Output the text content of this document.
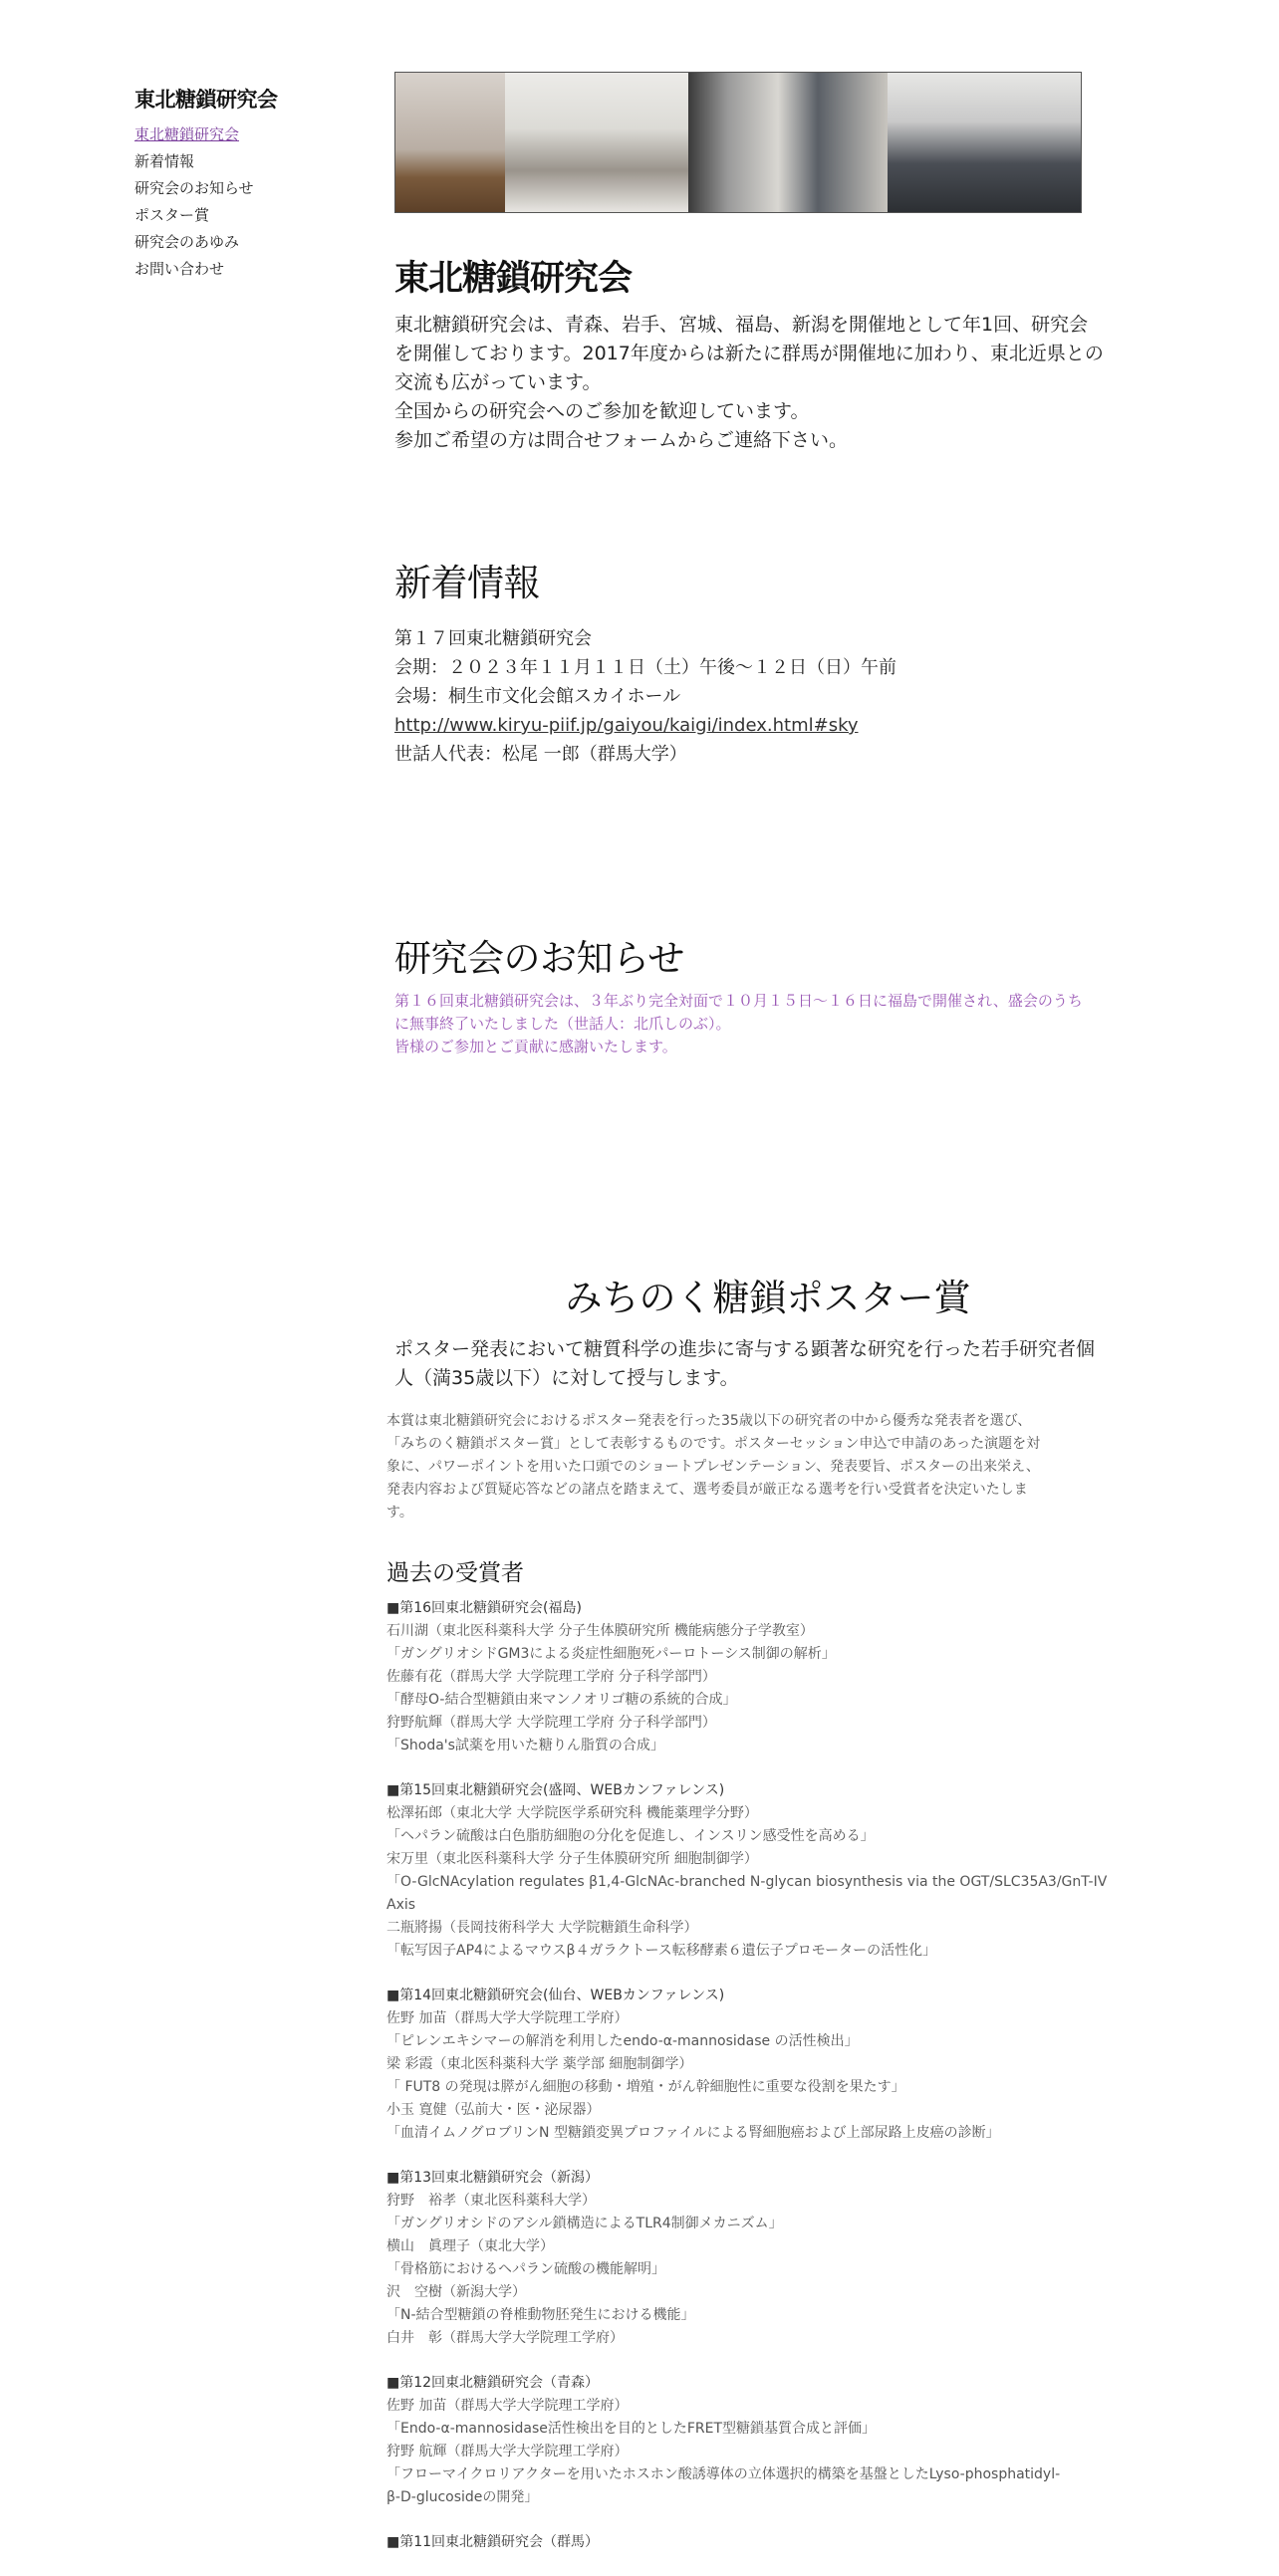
東北糖鎖研究会
東北糖鎖研究会
新着情報
研究会のお知らせ
ポスター賞
研究会のあゆみ
お問い合わせ	東北糖鎖研究会

東北糖鎖研究会は、青森、岩手、宮城、福島、新潟を開催地として年1回、研究会

を開催しております。2017年度からは新たに群馬が開催地に加わり、東北近県との

交流も広がっています。

全国からの研究会へのご参加を歓迎しています。

参加ご希望の方は問合せフォームからご連絡下さい。

新着情報

第１７回東北糖鎖研究会

会期：２０２３年１１月１１日（土）午後〜１２日（日）午前

会場：桐生市文化会館スカイホール

http://www.kiryu-piif.jp/gaiyou/kaigi/index.html#sky

世話人代表：松尾 一郎（群馬大学）

研究会のお知らせ

第１６回東北糖鎖研究会は、３年ぶり完全対面で１０月１５日〜１６日に福島で開催され、盛会のうち

に無事終了いたしました（世話人：北爪しのぶ）。

皆様のご参加とご貢献に感謝いたします。

みちのく糖鎖ポスター賞

ポスター発表において糖質科学の進歩に寄与する顕著な研究を行った若手研究者個

人（満35歳以下）に対して授与します。

本賞は東北糖鎖研究会におけるポスター発表を行った35歳以下の研究者の中から優秀な発表者を選び、

「みちのく糖鎖ポスター賞」として表彰するものです。ポスターセッション申込で申請のあった演題を対

象に、パワーポイントを用いた口頭でのショートプレゼンテーション、発表要旨、ポスターの出来栄え、

発表内容および質疑応答などの諸点を踏まえて、選考委員が厳正なる選考を行い受賞者を決定いたしま

す。

過去の受賞者
■第16回東北糖鎖研究会(福島)
石川湖（東北医科薬科大学 分子生体膜研究所 機能病態分子学教室）
「ガングリオシドGM3による炎症性細胞死パーロトーシス制御の解析」
佐藤有花（群馬大学 大学院理工学府 分子科学部門）
「酵母O-結合型糖鎖由来マンノオリゴ糖の系統的合成」
狩野航輝（群馬大学 大学院理工学府 分子科学部門）
「Shoda's試薬を用いた糖りん脂質の合成」
■第15回東北糖鎖研究会(盛岡、WEBカンファレンス)
松澤拓郎（東北大学 大学院医学系研究科 機能薬理学分野）
「ヘパラン硫酸は白色脂肪細胞の分化を促進し、インスリン感受性を高める」
宋万里（東北医科薬科大学 分子生体膜研究所 細胞制御学）
「O-GlcNAcylation regulates β1,4-GlcNAc-branched N-glycan biosynthesis via the OGT/SLC35A3/GnT-IV
Axis
二瓶將揚（長岡技術科学大 大学院糖鎖生命科学）
「転写因子AP4によるマウスβ４ガラクトース転移酵素６遺伝子プロモーターの活性化」
■第14回東北糖鎖研究会(仙台、WEBカンファレンス)
佐野 加苗（群馬大学大学院理工学府）
「ピレンエキシマーの解消を利用したendo-α-mannosidase の活性検出」
梁 彩霞（東北医科薬科大学 薬学部 細胞制御学）
「 FUT8 の発現は膵がん細胞の移動・増殖・がん幹細胞性に重要な役割を果たす」
小玉 寛健（弘前大・医・泌尿器）
「血清イムノグロブリンN 型糖鎖変異プロファイルによる腎細胞癌および上部尿路上皮癌の診断」
■第13回東北糖鎖研究会（新潟）
狩野　裕孝（東北医科薬科大学）
「ガングリオシドのアシル鎖構造によるTLR4制御メカニズム」
横山　眞理子（東北大学）
「骨格筋におけるヘパラン硫酸の機能解明」
沢　空樹（新潟大学）
「N-結合型糖鎖の脊椎動物胚発生における機能」
白井　彰（群馬大学大学院理工学府）
■第12回東北糖鎖研究会（青森）
佐野 加苗（群馬大学大学院理工学府）
「Endo-α-mannosidase活性検出を目的としたFRET型糖鎖基質合成と評価」
狩野 航輝（群馬大学大学院理工学府）
「フローマイクロリアクターを用いたホスホン酸誘導体の立体選択的構築を基盤としたLyso-phosphatidyl-
β-D-glucosideの開発」
■第11回東北糖鎖研究会（群馬）
